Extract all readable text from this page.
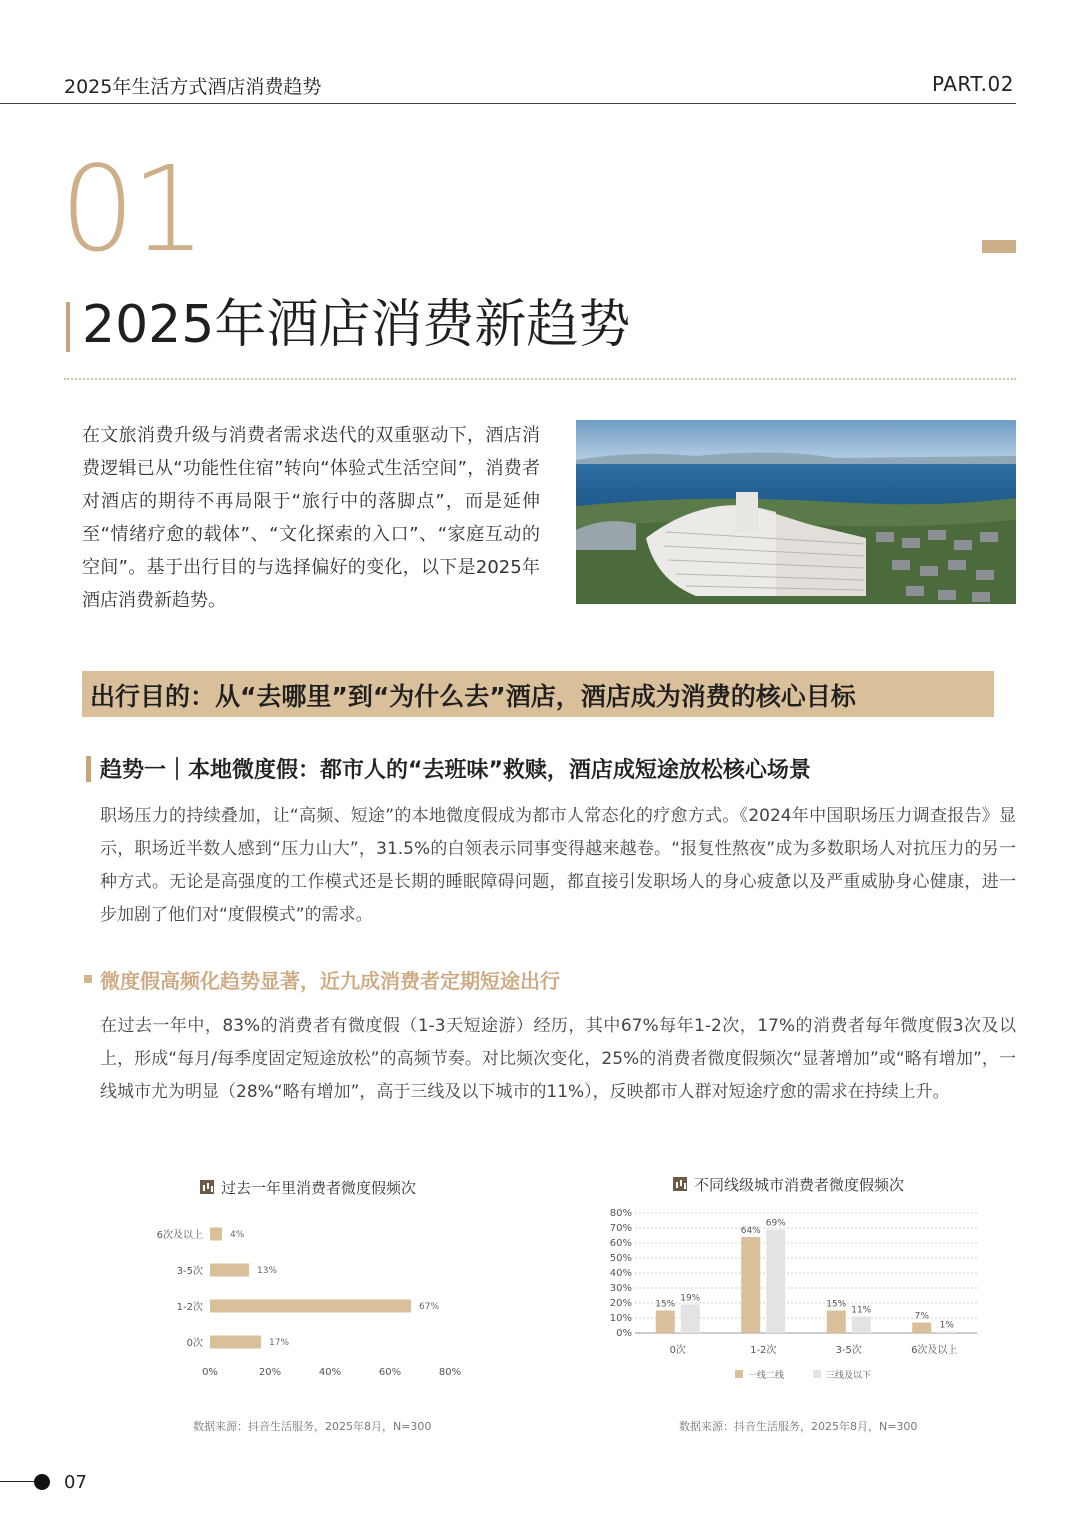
2025年生活方式酒店消费趋势	PART.02
01
2025年酒店消费新趋势
在文旅消费升级与消费者需求迭代的双重驱动下，酒店消费逻辑已从“功能性住宿”转向“体验式生活空间”，消费者对酒店的期待不再局限于“旅行中的落脚点”，而是延伸至“情绪疗愈的载体”、“文化探索的入口”、“家庭互动的空间”。基于出行目的与选择偏好的变化，以下是2025年酒店消费新趋势。
出行目的：从“去哪里”到“为什么去”酒店，酒店成为消费的核心目标
趋势一｜本地微度假：都市人的“去班味”救赎，酒店成短途放松核心场景
职场压力的持续叠加，让“高频、短途”的本地微度假成为都市人常态化的疗愈方式。《2024年中国职场压力调查报告》显示，职场近半数人感到“压力山大”，31.5%的白领表示同事变得越来越卷。“报复性熬夜”成为多数职场人对抗压力的另一种方式。无论是高强度的工作模式还是长期的睡眠障碍问题，都直接引发职场人的身心疲惫以及严重威胁身心健康，进一步加剧了他们对“度假模式”的需求。
微度假高频化趋势显著，近九成消费者定期短途出行
在过去一年中，83%的消费者有微度假（1-3天短途游）经历，其中67%每年1-2次，17%的消费者每年微度假3次及以上，形成“每月/每季度固定短途放松”的高频节奏。对比频次变化，25%的消费者微度假频次“显著增加”或“略有增加”，一线城市尤为明显（28%“略有增加”，高于三线及以下城市的11%），反映都市人群对短途疗愈的需求在持续上升。
过去一年里消费者微度假频次
6次及以上	4%
3-5次	13%
1-2次	67%
0次	17%
0%	20%	40%	60%	80%
数据来源：抖音生活服务，2025年8月，N=300
不同线级城市消费者微度假频次
0%
10%
20%
30%
40%
50%
60%
70%
80%
15%
19%
0次
64%
69%
1-2次
15%
11%
3-5次
7%
1%
6次及以上
一线二线	三线及以下
数据来源：抖音生活服务，2025年8月，N=300
07
